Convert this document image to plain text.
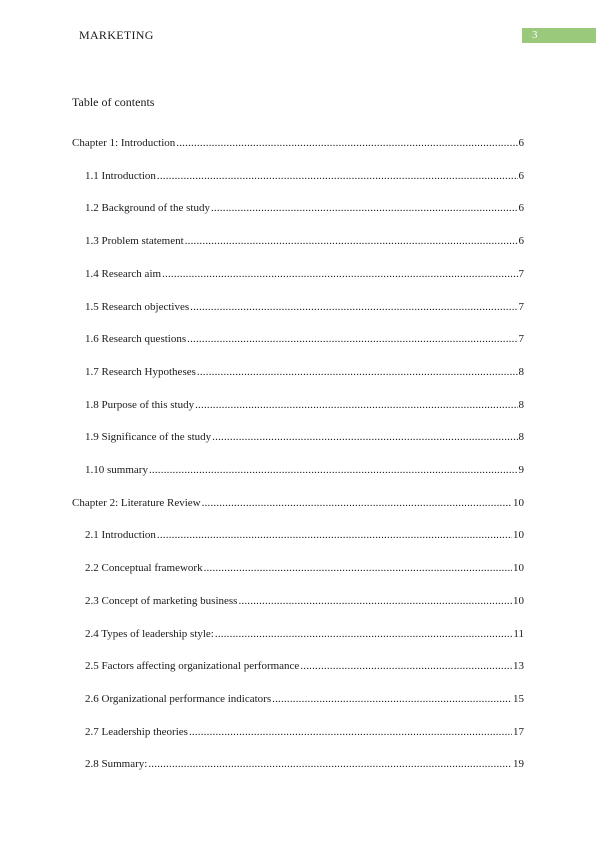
MARKETING	3
Table of contents
Chapter 1: Introduction .....	6
1.1 Introduction .....	6
1.2 Background of the study .....	6
1.3 Problem statement .....	6
1.4 Research aim .....	7
1.5 Research objectives .....	7
1.6 Research questions .....	7
1.7 Research Hypotheses .....	8
1.8 Purpose of this study .....	8
1.9 Significance of the study .....	8
1.10 summary .....	9
Chapter 2: Literature Review .....	10
2.1 Introduction .....	10
2.2 Conceptual framework .....	10
2.3 Concept of marketing business .....	10
2.4 Types of leadership style: .....	11
2.5 Factors affecting organizational performance .....	13
2.6 Organizational performance indicators .....	15
2.7 Leadership theories .....	17
2.8 Summary: .....	19
